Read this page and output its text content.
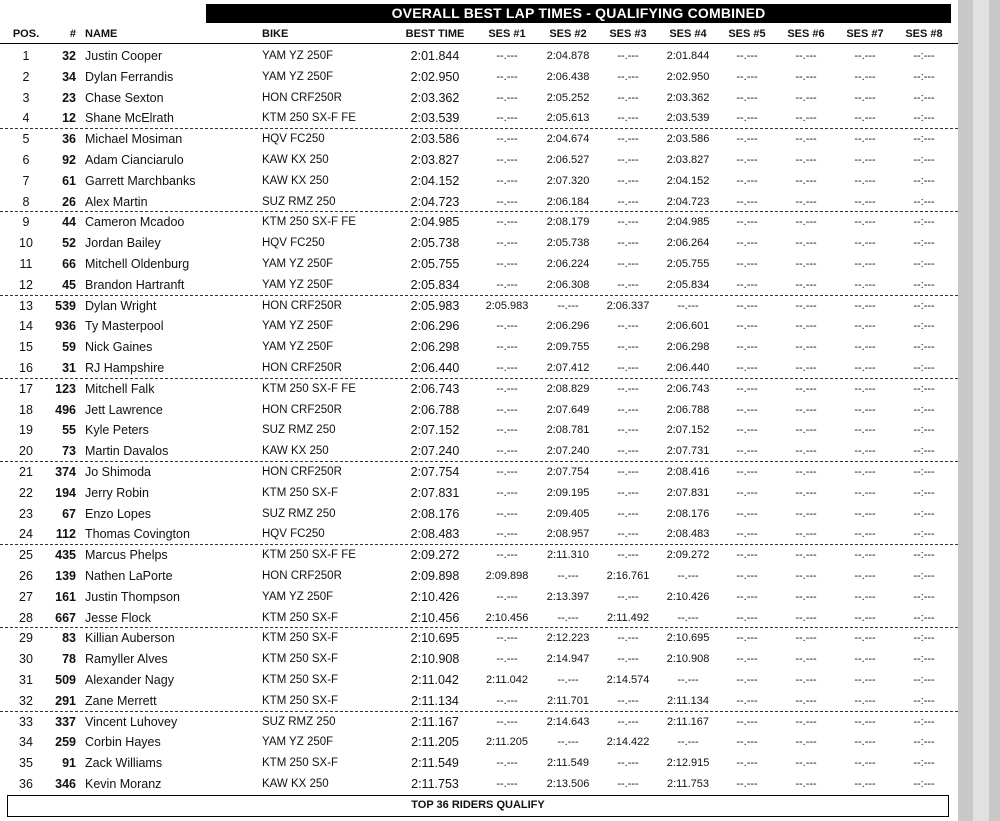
OVERALL BEST LAP TIMES - QUALIFYING COMBINED
POS.	# NAME	BIKE	BEST TIME	SES #1	SES #2	SES #3	SES #4	SES #5	SES #6	SES #7	SES #8
1	32 Justin Cooper	YAM YZ 250F	2:01.844	--.---	2:04.878	--.---	2:01.844	--.---	--.---	--.---	--:---
2	34 Dylan Ferrandis	YAM YZ 250F	2:02.950	--.---	2:06.438	--.---	2:02.950	--.---	--.---	--.---	--:---
3	23 Chase Sexton	HON CRF250R	2:03.362	--.---	2:05.252	--.---	2:03.362	--.---	--.---	--.---	--:---
4	12 Shane McElrath	KTM 250 SX-F FE	2:03.539	--.---	2:05.613	--.---	2:03.539	--.---	--.---	--.---	--:---
5	36 Michael Mosiman	HQV FC250	2:03.586	--.---	2:04.674	--.---	2:03.586	--.---	--.---	--.---	--:---
6	92 Adam Cianciarulo	KAW KX 250	2:03.827	--.---	2:06.527	--.---	2:03.827	--.---	--.---	--.---	--:---
7	61 Garrett Marchbanks	KAW KX 250	2:04.152	--.---	2:07.320	--.---	2:04.152	--.---	--.---	--.---	--:---
8	26 Alex Martin	SUZ RMZ 250	2:04.723	--.---	2:06.184	--.---	2:04.723	--.---	--.---	--.---	--:---
9	44 Cameron Mcadoo	KTM 250 SX-F FE	2:04.985	--.---	2:08.179	--.---	2:04.985	--.---	--.---	--.---	--:---
10	52 Jordan Bailey	HQV FC250	2:05.738	--.---	2:05.738	--.---	2:06.264	--.---	--.---	--.---	--:---
11	66 Mitchell Oldenburg	YAM YZ 250F	2:05.755	--.---	2:06.224	--.---	2:05.755	--.---	--.---	--.---	--:---
12	45 Brandon Hartranft	YAM YZ 250F	2:05.834	--.---	2:06.308	--.---	2:05.834	--.---	--.---	--.---	--:---
13	539 Dylan Wright	HON CRF250R	2:05.983	2:05.983	--.---	2:06.337	--.---	--.---	--.---	--.---	--:---
14	936 Ty Masterpool	YAM YZ 250F	2:06.296	--.---	2:06.296	--.---	2:06.601	--.---	--.---	--.---	--:---
15	59 Nick Gaines	YAM YZ 250F	2:06.298	--.---	2:09.755	--.---	2:06.298	--.---	--.---	--.---	--:---
16	31 RJ Hampshire	HON CRF250R	2:06.440	--.---	2:07.412	--.---	2:06.440	--.---	--.---	--.---	--:---
17	123 Mitchell Falk	KTM 250 SX-F FE	2:06.743	--.---	2:08.829	--.---	2:06.743	--.---	--.---	--.---	--:---
18	496 Jett Lawrence	HON CRF250R	2:06.788	--.---	2:07.649	--.---	2:06.788	--.---	--.---	--.---	--:---
19	55 Kyle Peters	SUZ RMZ 250	2:07.152	--.---	2:08.781	--.---	2:07.152	--.---	--.---	--.---	--:---
20	73 Martin Davalos	KAW KX 250	2:07.240	--.---	2:07.240	--.---	2:07.731	--.---	--.---	--.---	--:---
21	374 Jo Shimoda	HON CRF250R	2:07.754	--.---	2:07.754	--.---	2:08.416	--.---	--.---	--.---	--:---
22	194 Jerry Robin	KTM 250 SX-F	2:07.831	--.---	2:09.195	--.---	2:07.831	--.---	--.---	--.---	--:---
23	67 Enzo Lopes	SUZ RMZ 250	2:08.176	--.---	2:09.405	--.---	2:08.176	--.---	--.---	--.---	--:---
24	112 Thomas Covington	HQV FC250	2:08.483	--.---	2:08.957	--.---	2:08.483	--.---	--.---	--.---	--:---
25	435 Marcus Phelps	KTM 250 SX-F FE	2:09.272	--.---	2:11.310	--.---	2:09.272	--.---	--.---	--.---	--:---
26	139 Nathen LaPorte	HON CRF250R	2:09.898	2:09.898	--.---	2:16.761	--.---	--.---	--.---	--.---	--:---
27	161 Justin Thompson	YAM YZ 250F	2:10.426	--.---	2:13.397	--.---	2:10.426	--.---	--.---	--.---	--:---
28	667 Jesse Flock	KTM 250 SX-F	2:10.456	2:10.456	--.---	2:11.492	--.---	--.---	--.---	--.---	--:---
29	83 Killian Auberson	KTM 250 SX-F	2:10.695	--.---	2:12.223	--.---	2:10.695	--.---	--.---	--.---	--:---
30	78 Ramyller Alves	KTM 250 SX-F	2:10.908	--.---	2:14.947	--.---	2:10.908	--.---	--.---	--.---	--:---
31	509 Alexander Nagy	KTM 250 SX-F	2:11.042	2:11.042	--.---	2:14.574	--.---	--.---	--.---	--.---	--:---
32	291 Zane Merrett	KTM 250 SX-F	2:11.134	--.---	2:11.701	--.---	2:11.134	--.---	--.---	--.---	--:---
33	337 Vincent Luhovey	SUZ RMZ 250	2:11.167	--.---	2:14.643	--.---	2:11.167	--.---	--.---	--.---	--:---
34	259 Corbin Hayes	YAM YZ 250F	2:11.205	2:11.205	--.---	2:14.422	--.---	--.---	--.---	--.---	--:---
35	91 Zack Williams	KTM 250 SX-F	2:11.549	--.---	2:11.549	--.---	2:12.915	--.---	--.---	--.---	--:---
36	346 Kevin Moranz	KAW KX 250	2:11.753	--.---	2:13.506	--.---	2:11.753	--.---	--.---	--.---	--:---
TOP 36 RIDERS QUALIFY
